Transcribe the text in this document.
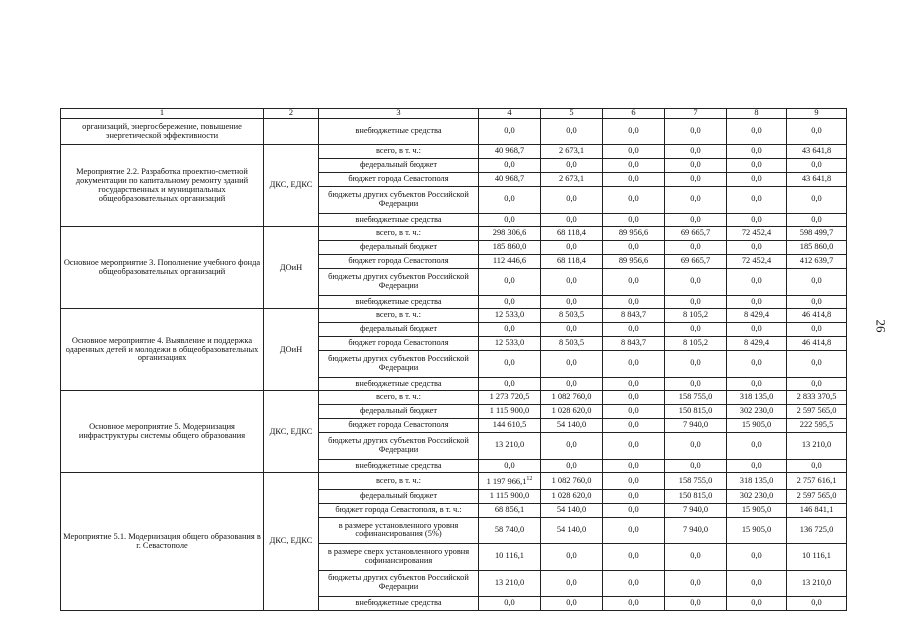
1	2	3	4	5	6	7	8	9
организаций, энергосбережение, повышение энергетической эффективности		внебюджетные средства	0,0	0,0	0,0	0,0	0,0	0,0
Мероприятие 2.2. Разработка проектно-сметной документации по капитальному ремонту зданий государственных и муниципальных общеобразовательных организаций	ДКС, ЕДКС	всего, в т. ч.:	40 968,7	2 673,1	0,0	0,0	0,0	43 641,8
		федеральный бюджет	0,0	0,0	0,0	0,0	0,0	0,0
		бюджет города Севастополя	40 968,7	2 673,1	0,0	0,0	0,0	43 641,8
		бюджеты других субъектов Российской Федерации	0,0	0,0	0,0	0,0	0,0	0,0
		внебюджетные средства	0,0	0,0	0,0	0,0	0,0	0,0
Основное мероприятие 3. Пополнение учебного фонда общеобразовательных организаций	ДОиН	всего, в т. ч.:	298 306,6	68 118,4	89 956,6	69 665,7	72 452,4	598 499,7
		федеральный бюджет	185 860,0	0,0	0,0	0,0	0,0	185 860,0
		бюджет города Севастополя	112 446,6	68 118,4	89 956,6	69 665,7	72 452,4	412 639,7
		бюджеты других субъектов Российской Федерации	0,0	0,0	0,0	0,0	0,0	0,0
		внебюджетные средства	0,0	0,0	0,0	0,0	0,0	0,0
Основное мероприятие 4. Выявление и поддержка одаренных детей и молодежи в общеобразовательных организациях	ДОиН	всего, в т. ч.:	12 533,0	8 503,5	8 843,7	8 105,2	8 429,4	46 414,8
		федеральный бюджет	0,0	0,0	0,0	0,0	0,0	0,0
		бюджет города Севастополя	12 533,0	8 503,5	8 843,7	8 105,2	8 429,4	46 414,8
		бюджеты других субъектов Российской Федерации	0,0	0,0	0,0	0,0	0,0	0,0
		внебюджетные средства	0,0	0,0	0,0	0,0	0,0	0,0
Основное мероприятие 5. Модернизация инфраструктуры системы общего образования	ДКС, ЕДКС	всего, в т. ч.:	1 273 720,5	1 082 760,0	0,0	158 755,0	318 135,0	2 833 370,5
		федеральный бюджет	1 115 900,0	1 028 620,0	0,0	150 815,0	302 230,0	2 597 565,0
		бюджет города Севастополя	144 610,5	54 140,0	0,0	7 940,0	15 905,0	222 595,5
		бюджеты других субъектов Российской Федерации	13 210,0	0,0	0,0	0,0	0,0	13 210,0
		внебюджетные средства	0,0	0,0	0,0	0,0	0,0	0,0
Мероприятие 5.1. Модернизация общего образования в г. Севастополе	ДКС, ЕДКС	всего, в т. ч.:	1 197 966,1$^{12}$	1 082 760,0	0,0	158 755,0	318 135,0	2 757 616,1
		федеральный бюджет	1 115 900,0	1 028 620,0	0,0	150 815,0	302 230,0	2 597 565,0
		бюджет города Севастополя, в т. ч.:	68 856,1	54 140,0	0,0	7 940,0	15 905,0	146 841,1
		в размере установленного уровня софинансирования (5%)	58 740,0	54 140,0	0,0	7 940,0	15 905,0	136 725,0
		в размере сверх установленного уровня софинансирования	10 116,1	0,0	0,0	0,0	0,0	10 116,1
		бюджеты других субъектов Российской Федерации	13 210,0	0,0	0,0	0,0	0,0	13 210,0
		внебюджетные средства	0,0	0,0	0,0	0,0	0,0	0,0
26
